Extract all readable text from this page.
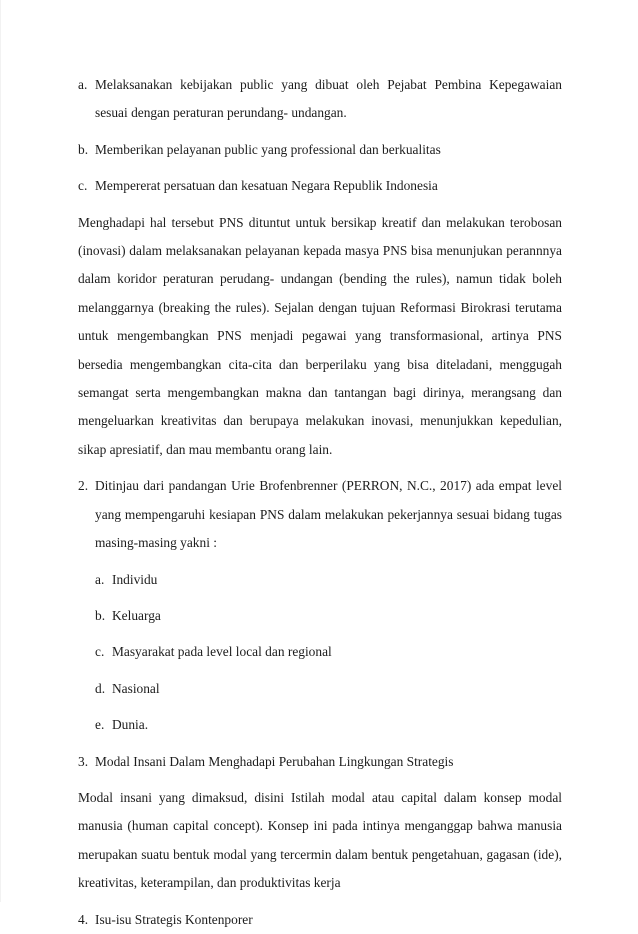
a. Melaksanakan kebijakan public yang dibuat oleh Pejabat Pembina Kepegawaian sesuai dengan peraturan perundang- undangan.
b. Memberikan pelayanan public yang professional dan berkualitas
c. Mempererat persatuan dan kesatuan Negara Republik Indonesia

Menghadapi hal tersebut PNS dituntut untuk bersikap kreatif dan melakukan terobosan (inovasi) dalam melaksanakan pelayanan kepada masya PNS bisa menunjukan perannnya dalam koridor peraturan perudang- undangan (bending the rules), namun tidak boleh melanggarnya (breaking the rules). Sejalan dengan tujuan Reformasi Birokrasi terutama untuk mengembangkan PNS menjadi pegawai yang transformasional, artinya PNS bersedia mengembangkan cita-cita dan berperilaku yang bisa diteladani, menggugah semangat serta mengembangkan makna dan tantangan bagi dirinya, merangsang dan mengeluarkan kreativitas dan berupaya melakukan inovasi, menunjukkan kepedulian, sikap apresiatif, dan mau membantu orang lain.

2. Ditinjau dari pandangan Urie Brofenbrenner (PERRON, N.C., 2017) ada empat level yang mempengaruhi kesiapan PNS dalam melakukan pekerjannya sesuai bidang tugas masing-masing yakni :
a. Individu
b. Keluarga
c. Masyarakat pada level local dan regional
d. Nasional
e. Dunia.
3. Modal Insani Dalam Menghadapi Perubahan Lingkungan Strategis

Modal insani yang dimaksud, disini Istilah modal atau capital dalam konsep modal manusia (human capital concept). Konsep ini pada intinya menganggap bahwa manusia merupakan suatu bentuk modal yang tercermin dalam bentuk pengetahuan, gagasan (ide), kreativitas, keterampilan, dan produktivitas kerja

4. Isu-isu Strategis Kontenporer
